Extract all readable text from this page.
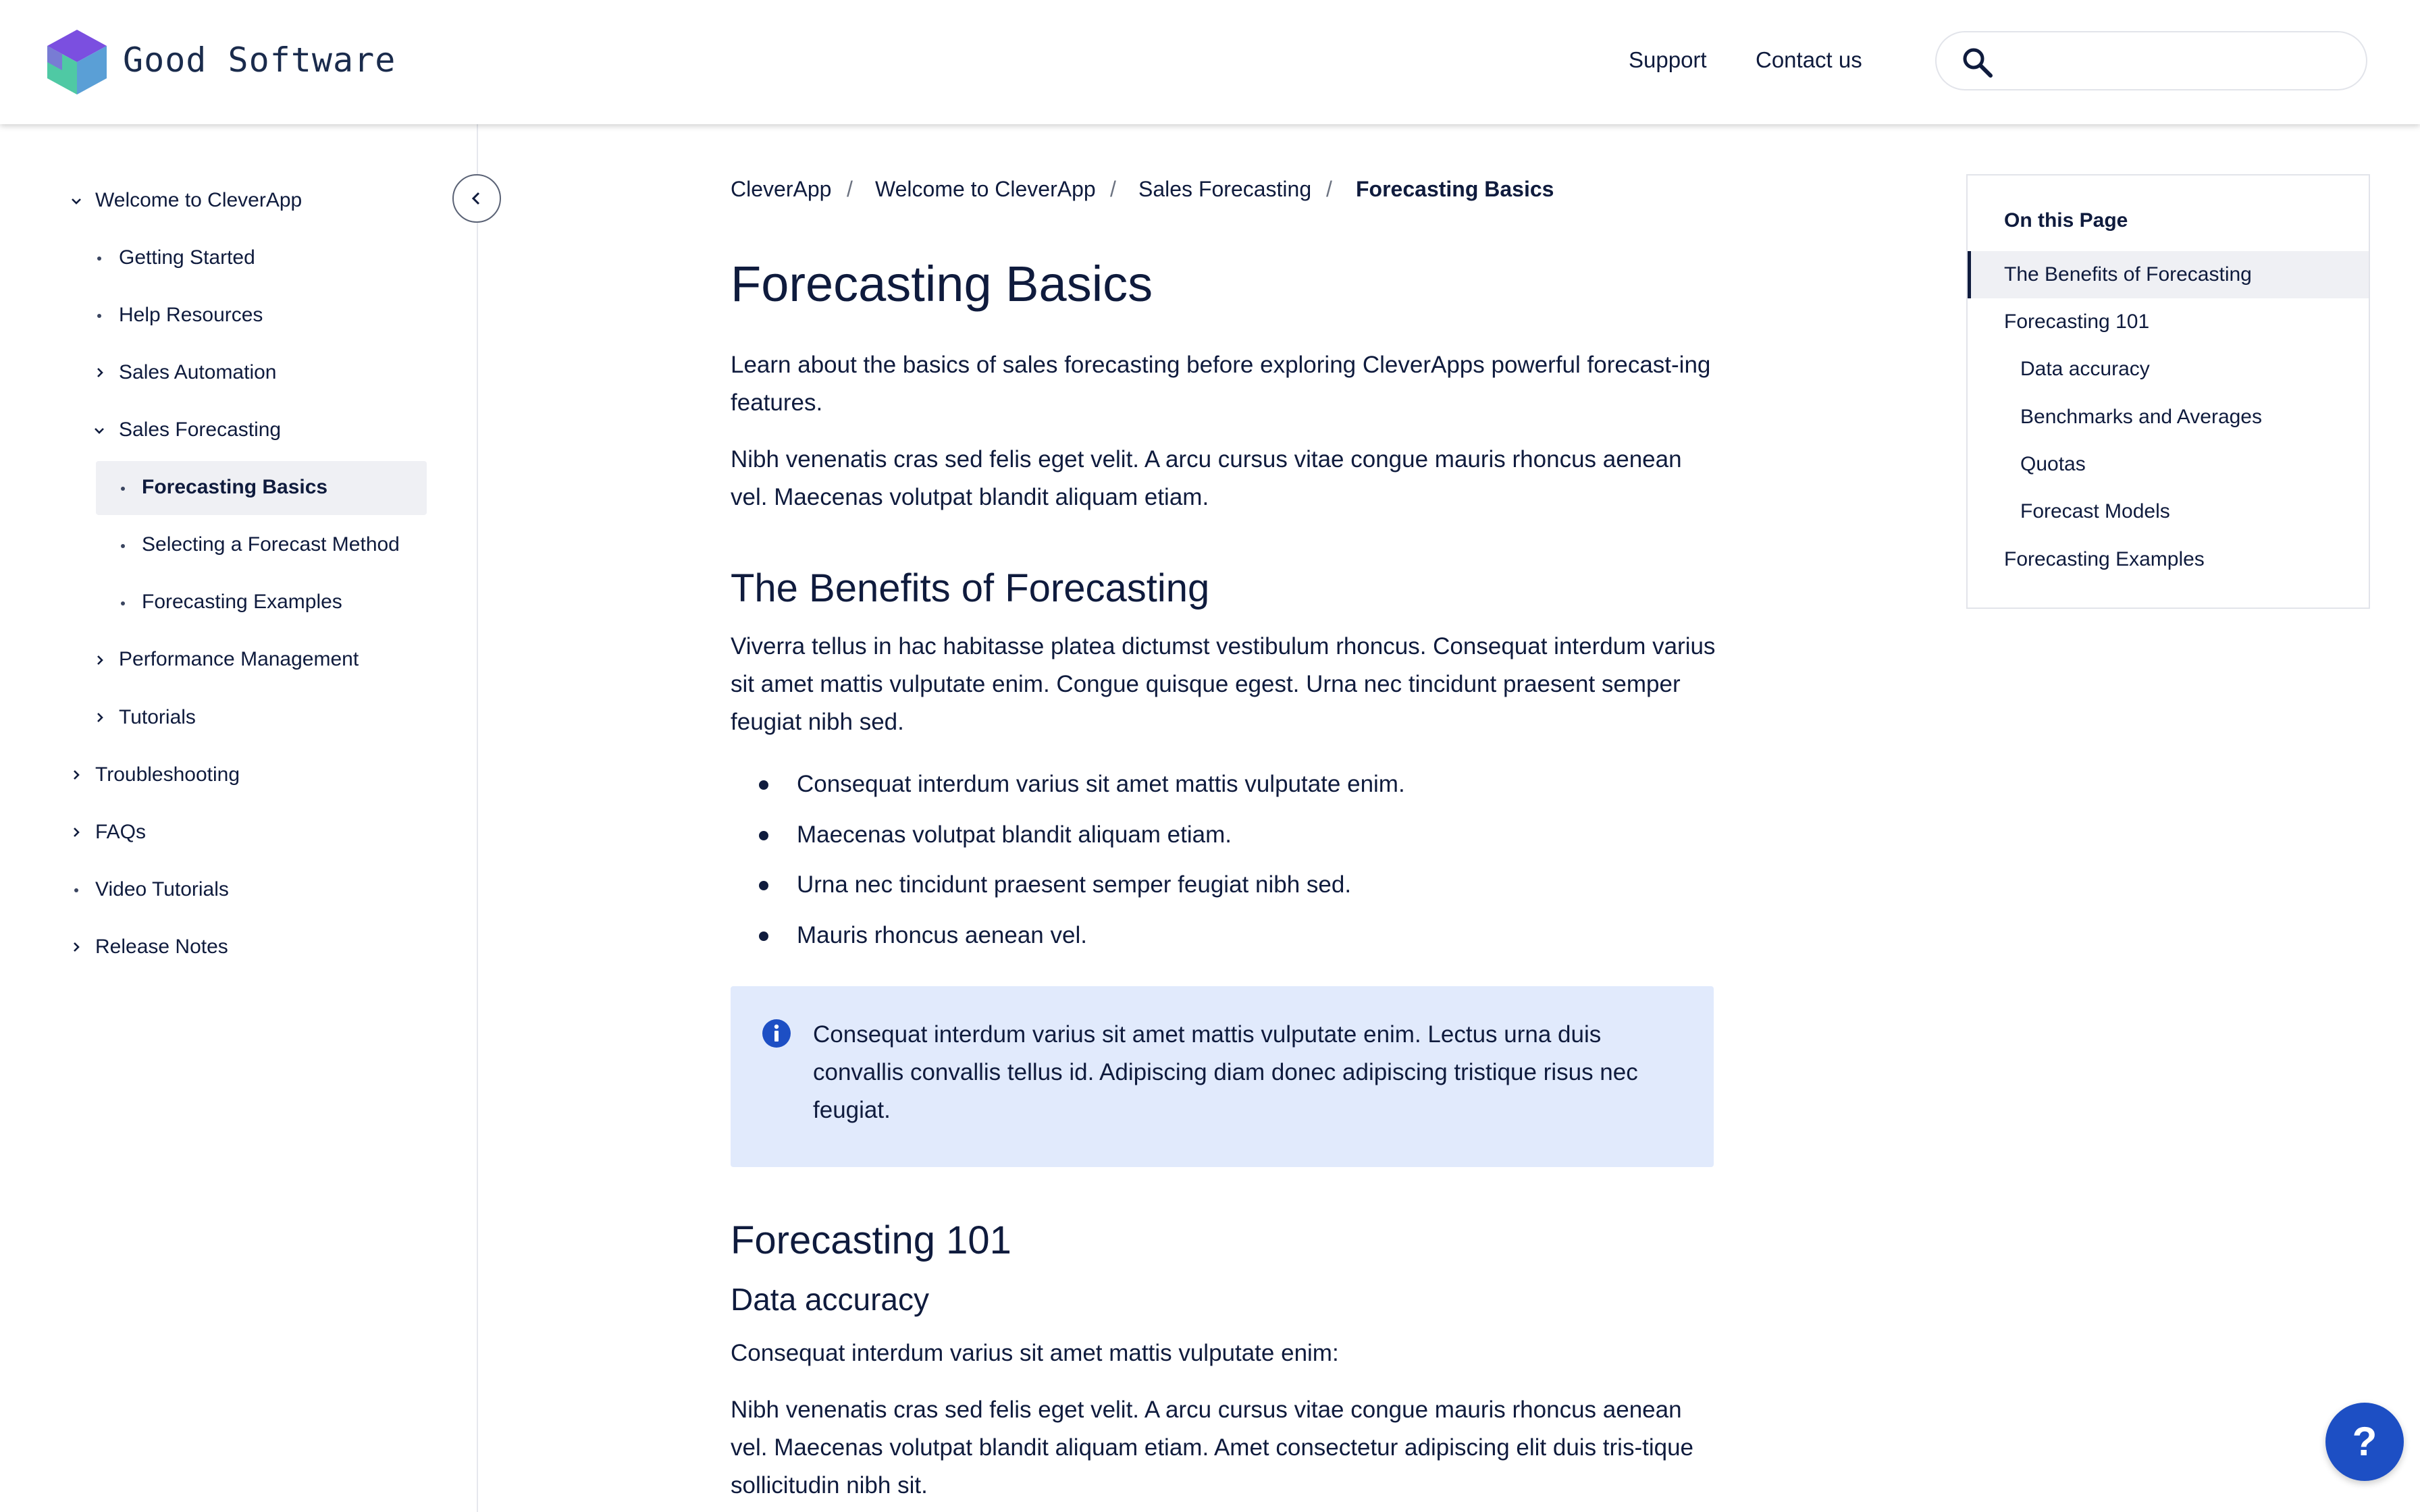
Good Software	Support Contact us
Welcome to CleverApp
Getting Started
Help Resources
Sales Automation
Sales Forecasting
Forecasting Basics
Selecting a Forecast Method
Forecasting Examples
Performance Management
Tutorials
Troubleshooting
FAQs
Video Tutorials
Release Notes
CleverApp / Welcome to CleverApp / Sales Forecasting / Forecasting Basics
Forecasting Basics
Learn about the basics of sales forecasting before exploring CleverApps powerful forecast-ing features.
Nibh venenatis cras sed felis eget velit. A arcu cursus vitae congue mauris rhoncus aenean vel. Maecenas volutpat blandit aliquam etiam.
The Benefits of Forecasting
Viverra tellus in hac habitasse platea dictumst vestibulum rhoncus. Consequat interdum varius sit amet mattis vulputate enim. Congue quisque egest. Urna nec tincidunt praesent semper feugiat nibh sed.
Consequat interdum varius sit amet mattis vulputate enim.
Maecenas volutpat blandit aliquam etiam.
Urna nec tincidunt praesent semper feugiat nibh sed.
Mauris rhoncus aenean vel.
Consequat interdum varius sit amet mattis vulputate enim. Lectus urna duis convallis convallis tellus id. Adipiscing diam donec adipiscing tristique risus nec feugiat.
Forecasting 101
Data accuracy
Consequat interdum varius sit amet mattis vulputate enim:
Nibh venenatis cras sed felis eget velit. A arcu cursus vitae congue mauris rhoncus aenean vel. Maecenas volutpat blandit aliquam etiam. Amet consectetur adipiscing elit duis tris-tique sollicitudin nibh sit.
On this Page
The Benefits of Forecasting
Forecasting 101
Data accuracy
Benchmarks and Averages
Quotas
Forecast Models
Forecasting Examples
?
